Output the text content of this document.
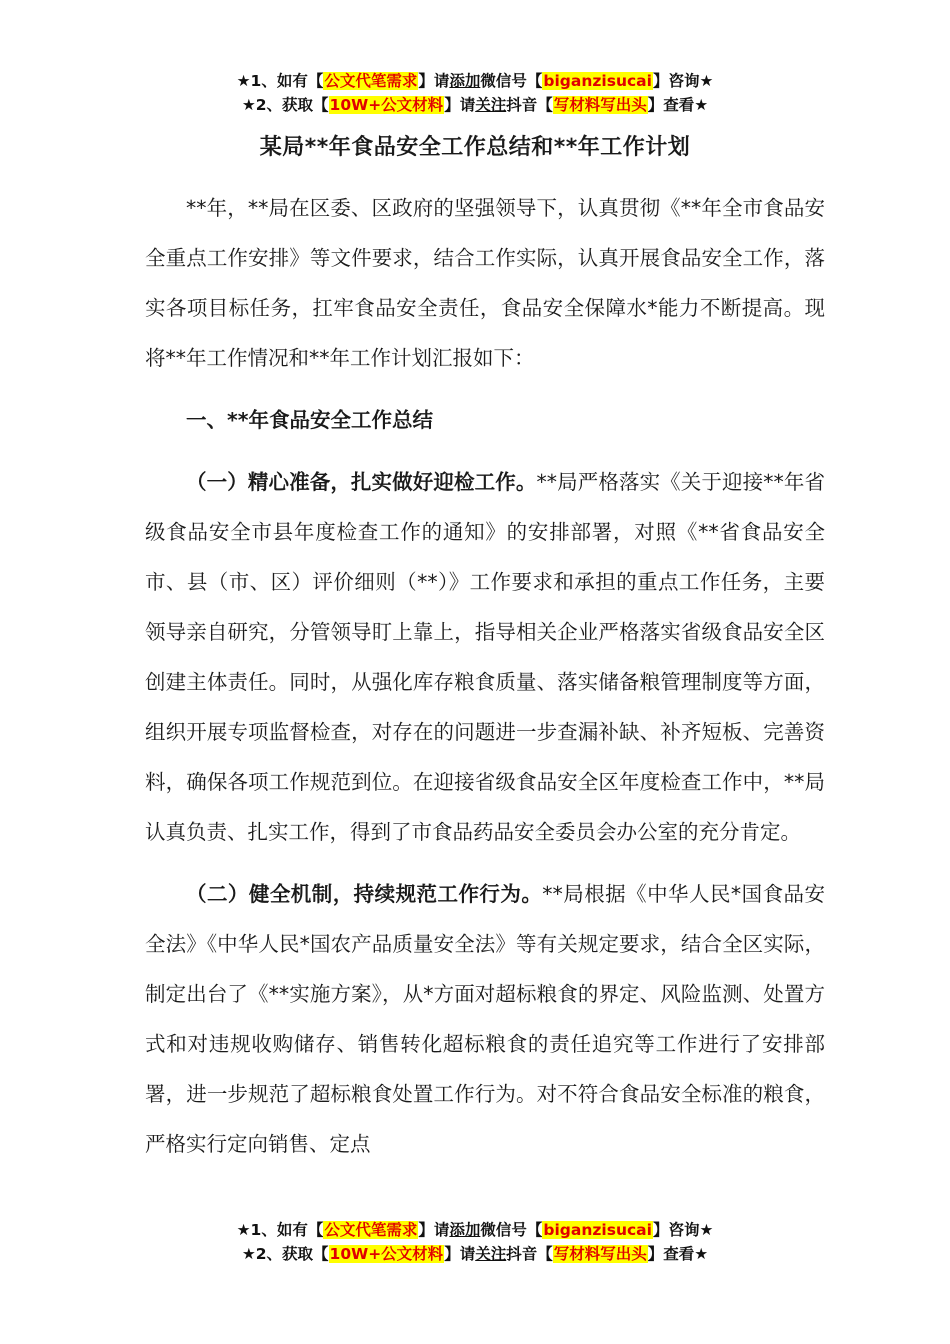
★1、如有【公文代笔需求】请添加微信号【biganzisucai】咨询★
★2、获取【10W+公文材料】请关注抖音【写材料写出头】查看★
某局**年食品安全工作总结和**年工作计划

**年，**局在区委、区政府的坚强领导下，认真贯彻《**年全市食品安全重点工作安排》等文件要求，结合工作实际，认真开展食品安全工作，落实各项目标任务，扛牢食品安全责任，食品安全保障水*能力不断提高。现将**年工作情况和**年工作计划汇报如下：

一、**年食品安全工作总结

（一）精心准备，扎实做好迎检工作。**局严格落实《关于迎接**年省级食品安全市县年度检查工作的通知》的安排部署，对照《**省食品安全市、县（市、区）评价细则（**）》工作要求和承担的重点工作任务，主要领导亲自研究，分管领导盯上靠上，指导相关企业严格落实省级食品安全区创建主体责任。同时，从强化库存粮食质量、落实储备粮管理制度等方面，组织开展专项监督检查，对存在的问题进一步查漏补缺、补齐短板、完善资料，确保各项工作规范到位。在迎接省级食品安全区年度检查工作中，**局认真负责、扎实工作，得到了市食品药品安全委员会办公室的充分肯定。

（二）健全机制，持续规范工作行为。**局根据《中华人民*国食品安全法》《中华人民*国农产品质量安全法》等有关规定要求，结合全区实际，制定出台了《**实施方案》，从*方面对超标粮食的界定、风险监测、处置方式和对违规收购储存、销售转化超标粮食的责任追究等工作进行了安排部署，进一步规范了超标粮食处置工作行为。对不符合食品安全标准的粮食，严格实行定向销售、定点

★1、如有【公文代笔需求】请添加微信号【biganzisucai】咨询★
★2、获取【10W+公文材料】请关注抖音【写材料写出头】查看★
